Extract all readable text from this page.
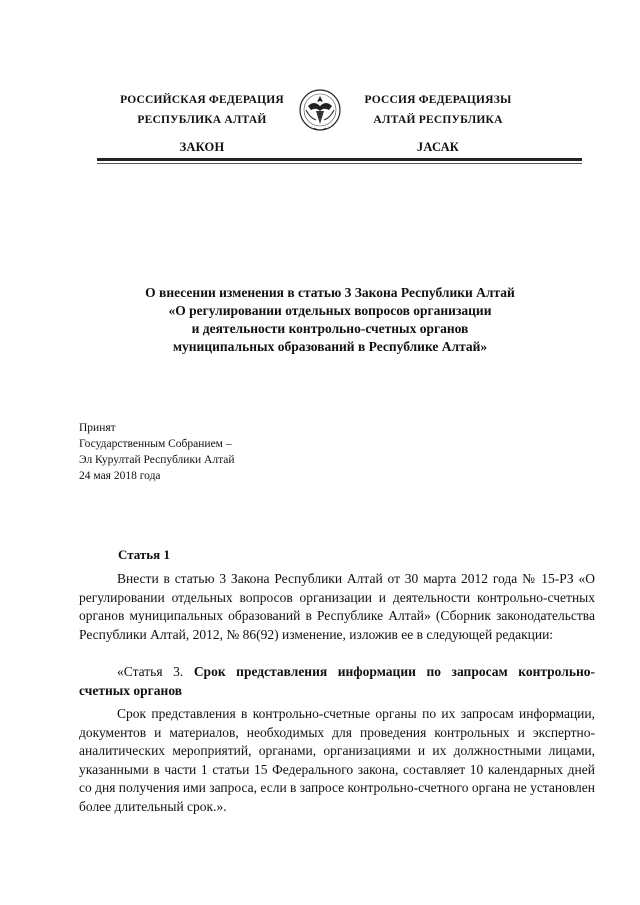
РОССИЙСКАЯ ФЕДЕРАЦИЯ
РЕСПУБЛИКА АЛТАЙ
ЗАКОН
РОССИЯ ФЕДЕРАЦИЯЗЫ
АЛТАЙ РЕСПУБЛИКА
JАСАК
О внесении изменения в статью 3 Закона Республики Алтай
«О регулировании отдельных вопросов организации
и деятельности контрольно-счетных органов
муниципальных образований в Республике Алтай»
Принят
Государственным Собранием –
Эл Курултай Республики Алтай
24 мая 2018 года
Статья 1
Внести в статью 3 Закона Республики Алтай от 30 марта 2012 года № 15-РЗ «О регулировании отдельных вопросов организации и деятельности контрольно-счетных органов муниципальных образований в Республике Алтай» (Сборник законодательства Республики Алтай, 2012, № 86(92) изменение, изложив ее в следующей редакции:
«Статья 3. Срок представления информации по запросам контрольно-счетных органов
Срок представления в контрольно-счетные органы по их запросам информации, документов и материалов, необходимых для проведения контрольных и экспертно-аналитических мероприятий, органами, организациями и их должностными лицами, указанными в части 1 статьи 15 Федерального закона, составляет 10 календарных дней со дня получения ими запроса, если в запросе контрольно-счетного органа не установлен более длительный срок.».
